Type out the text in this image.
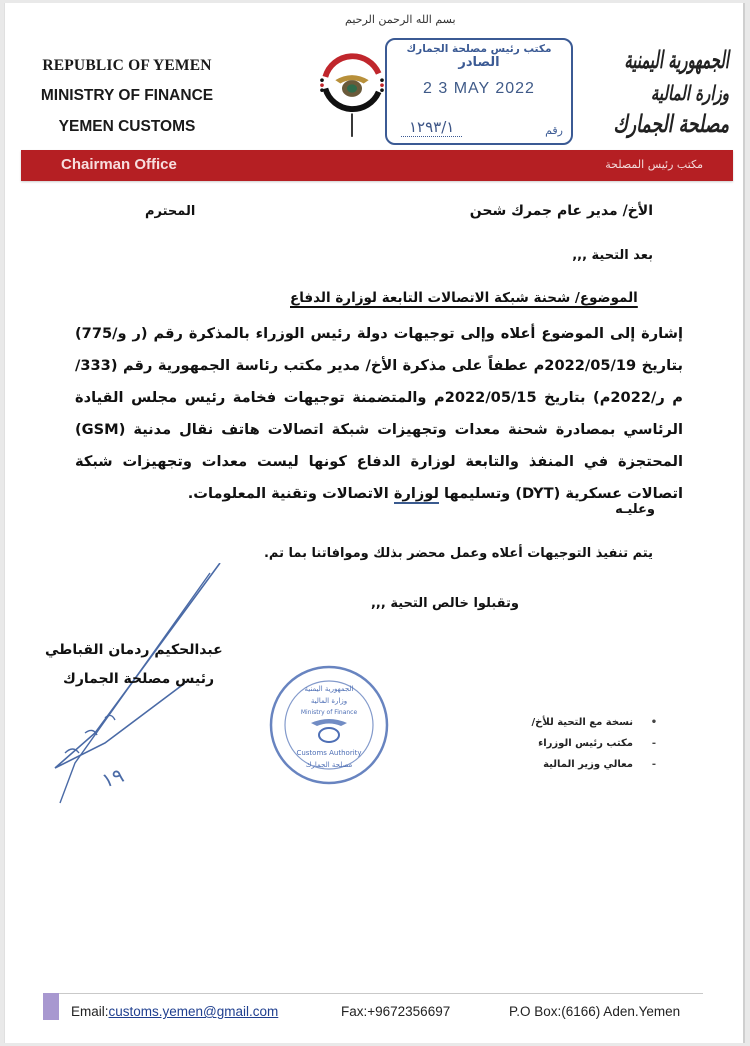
REPUBLIC OF YEMEN
MINISTRY OF FINANCE
YEMEN CUSTOMS
بسم الله الرحمن الرحيم
مكتب رئيس مصلحة الجمارك
الصادر
2 3 MAY 2022
رقم
١٢٩٣/١
الجمهورية اليمنية
وزارة المالية
مصلحة الجمارك
Chairman Office	مكتب رئيس المصلحة
الأخ/ مدير عام جمرك شحن
المحترم
بعد التحية ,,,
الموضوع/ شحنة شبكة الاتصالات التابعة لوزارة الدفاع
إشارة إلى الموضوع أعلاه وإلى توجيهات دولة رئيس الوزراء بالمذكرة رقم (ر و/775) بتاريخ 2022/05/19م عطفاً على مذكرة الأخ/ مدير مكتب رئاسة الجمهورية رقم (333/م ر/2022م) بتاريخ 2022/05/15م والمتضمنة توجيهات فخامة رئيس مجلس القيادة الرئاسي بمصادرة شحنة معدات وتجهيزات شبكة اتصالات هاتف نقال مدنية (GSM) المحتجزة في المنفذ والتابعة لوزارة الدفاع كونها ليست معدات وتجهيزات شبكة اتصالات عسكرية (DYT) وتسليمها لوزارة الاتصالات وتقنية المعلومات.
وعليـه
يتم تنفيذ التوجيهات أعلاه وعمل محضر بذلك وموافاتنا بما تم.
وتقبلوا خالص التحية ,,,
١٩
عبدالحكيم ردمان القباطي
رئيس مصلحة الجمارك
الجمهورية اليمنية
وزارة المالية
Ministry of Finance
Customs Authority
مصلحة الجمارك
•
نسخة مع التحية للأخ/
-
مكتب رئيس الوزراء
-
معالي وزير المالية
Email:customs.yemen@gmail.com	Fax:+9672356697	P.O Box:(6166) Aden.Yemen
